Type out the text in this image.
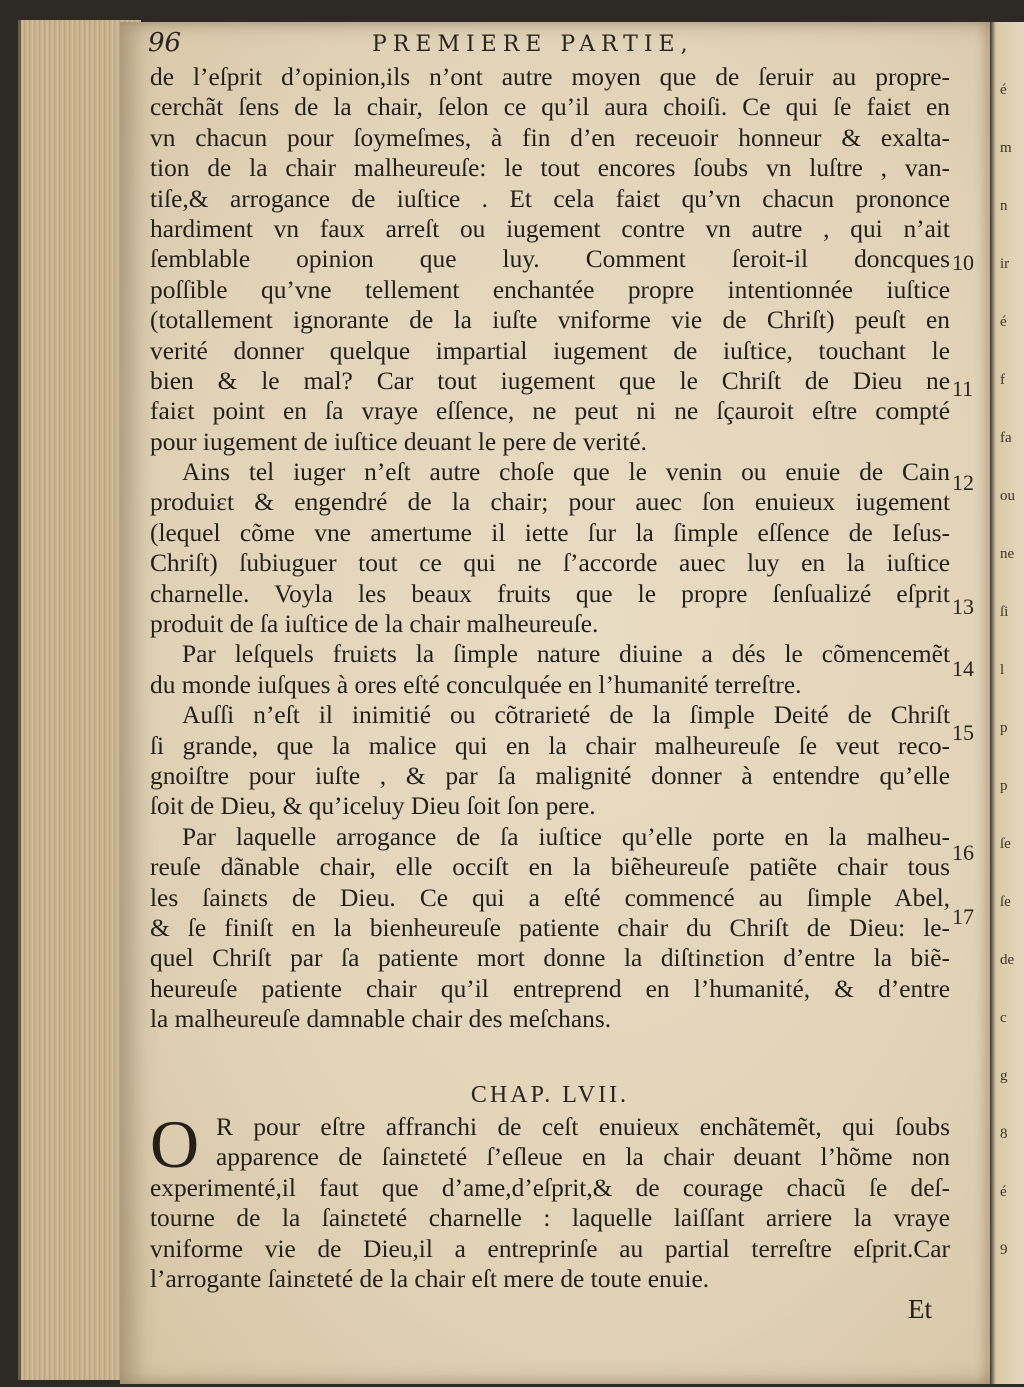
é
m
n
ir
é
f
fa
ou
ne
ſi
l
p
p
ſe
ſe
de
c
g
8
é
9
96	PREMIERE PARTIE,
de l’eſprit d’opinion,ils n’ont autre moyen que de ſeruir au propre-
cerchãt ſens de la chair, ſelon ce qu’il aura choiſi. Ce qui ſe faiɛt en
vn chacun pour ſoymeſmes, à fin d’en receuoir honneur & exalta-
tion de la chair malheureuſe: le tout encores ſoubs vn luſtre , van-
tiſe,& arrogance de iuſtice . Et cela faiɛt qu’vn chacun prononce
hardiment vn faux arreſt ou iugement contre vn autre , qui n’ait
ſemblable opinion que luy. Comment ſeroit-il doncques
poſſible qu’vne tellement enchantée propre intentionnée iuſtice
(totallement ignorante de la iuſte vniforme vie de Chriſt) peuſt en
verité donner quelque impartial iugement de iuſtice, touchant le
bien & le mal? Car tout iugement que le Chriſt de Dieu ne
faiɛt point en ſa vraye eſſence, ne peut ni ne ſçauroit eſtre compté
pour iugement de iuſtice deuant le pere de verité.
Ains tel iuger n’eſt autre choſe que le venin ou enuie de Cain
produiɛt & engendré de la chair; pour auec ſon enuieux iugement
(lequel cõme vne amertume il iette ſur la ſimple eſſence de Ieſus-
Chriſt) ſubiuguer tout ce qui ne ſ’accorde auec luy en la iuſtice
charnelle. Voyla les beaux fruits que le propre ſenſualizé eſprit
produit de ſa iuſtice de la chair malheureuſe.
Par leſquels fruiɛts la ſimple nature diuine a dés le cõmencemẽt
du monde iuſques à ores eſté conculquée en l’humanité terreſtre.
Auſſi n’eſt il inimitié ou cõtrarieté de la ſimple Deité de Chriſt
ſi grande, que la malice qui en la chair malheureuſe ſe veut reco-
gnoiſtre pour iuſte , & par ſa malignité donner à entendre qu’elle
ſoit de Dieu, & qu’iceluy Dieu ſoit ſon pere.
Par laquelle arrogance de ſa iuſtice qu’elle porte en la malheu-
reuſe dãnable chair, elle occiſt en la biẽheureuſe patiẽte chair tous
les ſainɛts de Dieu. Ce qui a eſté commencé au ſimple Abel,
& ſe finiſt en la bienheureuſe patiente chair du Chriſt de Dieu: le-
quel Chriſt par ſa patiente mort donne la diſtinɛtion d’entre la biẽ-
heureuſe patiente chair qu’il entreprend en l’humanité, & d’entre
la malheureuſe damnable chair des meſchans.
10
11
12
13
14
15
16
17
CHAP. LVII.
O R pour eſtre affranchi de ceſt enuieux enchãtemẽt, qui ſoubs
apparence de ſainɛteté ſ’eſleue en la chair deuant l’hõme non
experimenté,il faut que d’ame,d’eſprit,& de courage chacũ ſe deſ-
tourne de la ſainɛteté charnelle : laquelle laiſſant arriere la vraye
vniforme vie de Dieu,il a entreprinſe au partial terreſtre eſprit.Car
l’arrogante ſainɛteté de la chair eſt mere de toute enuie.
Et
